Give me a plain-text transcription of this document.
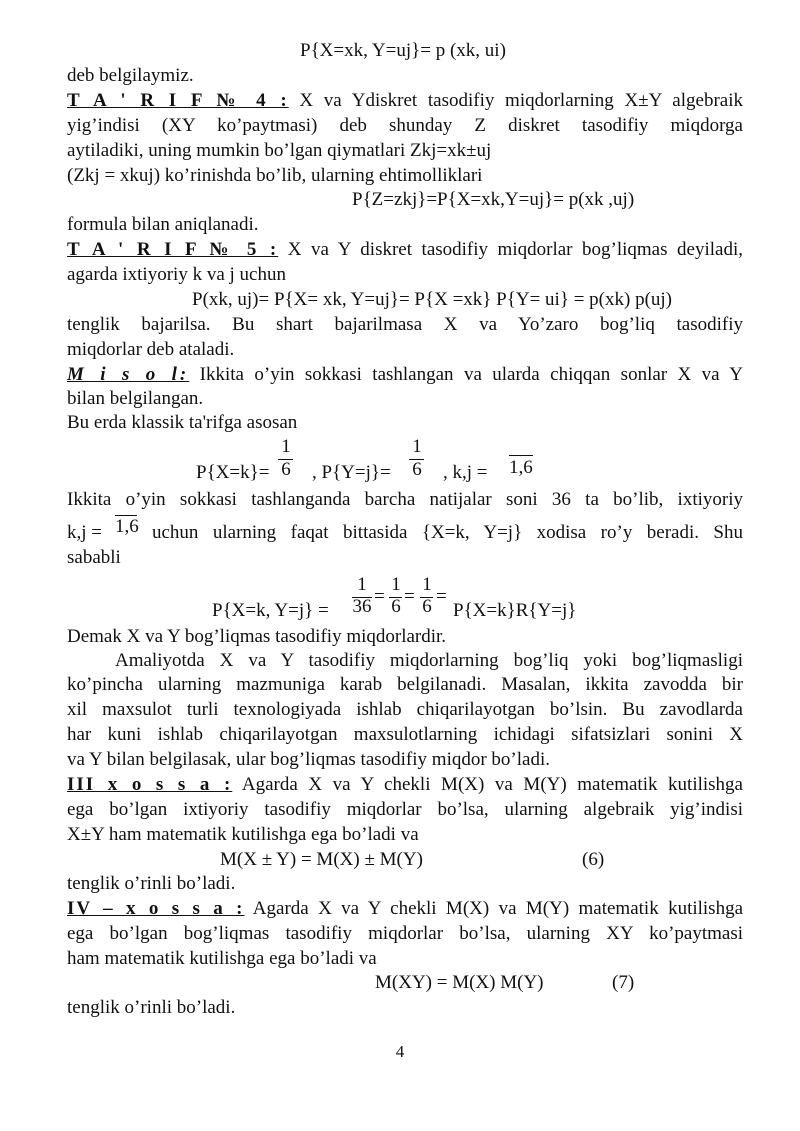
P{X=xk, Y=uj}= p (xk, ui)
deb belgilaymiz.
T A ' R I F № 4 : X va Ydiskret tasodifiy miqdorlarning X±Y algebraik
yig’indisi (XY ko’paytmasi) deb shunday Z diskret tasodifiy miqdorga
aytiladiki, uning mumkin bo’lgan qiymatlari Zkj=xk±uj
(Zkj = xkuj) ko’rinishda bo’lib, ularning ehtimolliklari
P{Z=zkj}=P{X=xk,Y=uj}= p(xk ,uj)
formula bilan aniqlanadi.
T A ' R I F № 5 : X va Y diskret tasodifiy miqdorlar bog’liqmas deyiladi,
agarda ixtiyoriy k va j uchun
P(xk, uj)= P{X= xk, Y=uj}= P{X =xk} P{Y= ui} = p(xk) p(uj)
tenglik bajarilsa. Bu shart bajarilmasa X va Yo’zaro bog’liq tasodifiy
miqdorlar deb ataladi.
M i s o l: Ikkita o’yin sokkasi tashlangan va ularda chiqqan sonlar X va Y
bilan belgilangan.
Bu erda klassik ta'rifga asosan
P{X=k}=
1
6 , P{Y=j}=
1
6 , k,j = 1,6
Ikkita o’yin sokkasi tashlanganda barcha natijalar soni 36 ta bo’lib, ixtiyoriy
k,j = 1,6 uchun ularning faqat bittasida {X=k, Y=j} xodisa ro’y beradi. Shu
sababli
P{X=k, Y=j} =
1
36 =
1
6 =
1
6 =
P{X=k}R{Y=j}
Demak X va Y bog’liqmas tasodifiy miqdorlardir.
Amaliyotda X va Y tasodifiy miqdorlarning bog’liq yoki bog’liqmasligi
ko’pincha ularning mazmuniga karab belgilanadi. Masalan, ikkita zavodda bir
xil maxsulot turli texnologiyada ishlab chiqarilayotgan bo’lsin. Bu zavodlarda
har kuni ishlab chiqarilayotgan maxsulotlarning ichidagi sifatsizlari sonini X
va Y bilan belgilasak, ular bog’liqmas tasodifiy miqdor bo’ladi.
III x o s s a : Agarda X va Y chekli M(X) va M(Y) matematik kutilishga
ega bo’lgan ixtiyoriy tasodifiy miqdorlar bo’lsa, ularning algebraik yig’indisi
X±Y ham matematik kutilishga ega bo’ladi va
M(X ± Y) = M(X) ± M(Y)	(6)
tenglik o’rinli bo’ladi.
IV – x o s s a : Agarda X va Y chekli M(X) va M(Y) matematik kutilishga
ega bo’lgan bog’liqmas tasodifiy miqdorlar bo’lsa, ularning XY ko’paytmasi
ham matematik kutilishga ega bo’ladi va
M(XY) = M(X) M(Y)	(7)
tenglik o’rinli bo’ladi.
4
